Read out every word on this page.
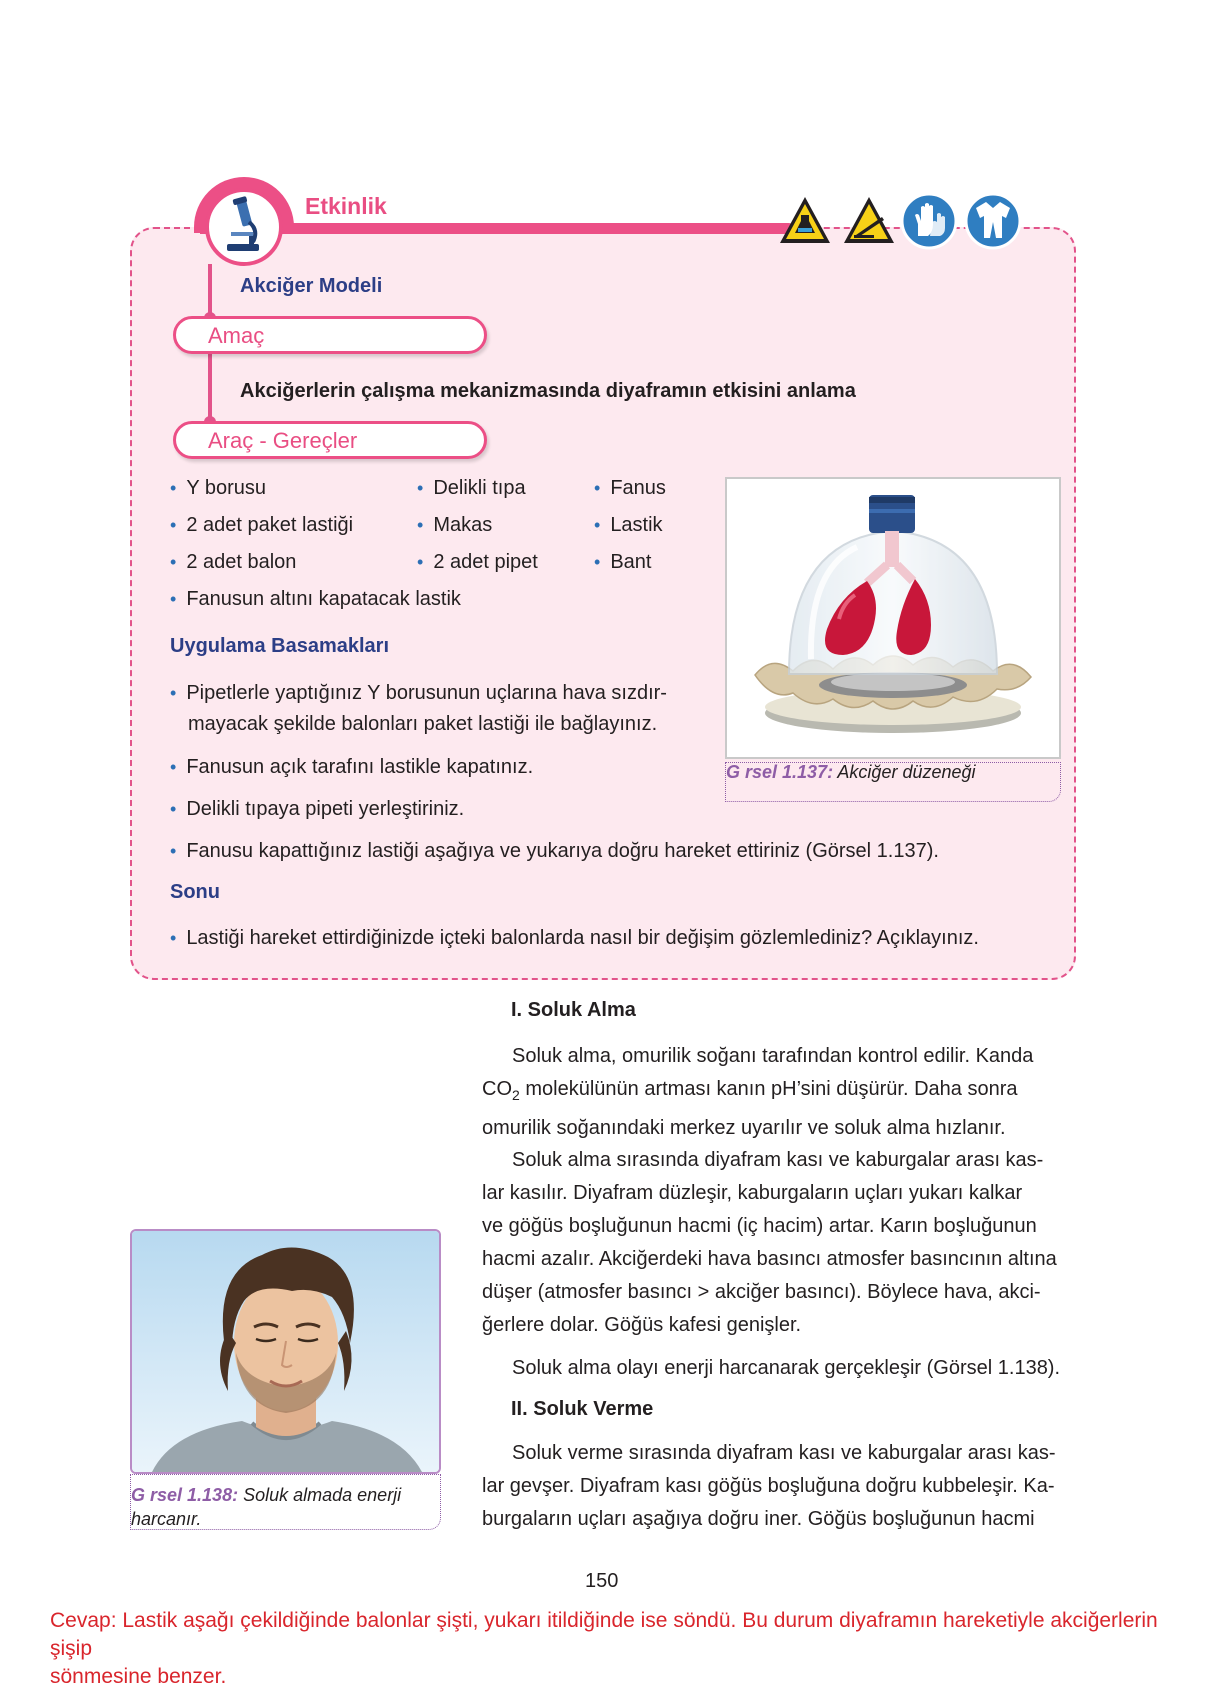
Etkinlik
Akciğer Modeli
Amaç
Akciğerlerin çalışma mekanizmasında diyaframın etkisini anlama
Araç - Gereçler
• Y borusu	• Delikli tıpa	• Fanus
• 2 adet paket lastiği	• Makas	• Lastik
• 2 adet balon	• 2 adet pipet	• Bant
• Fanusun altını kapatacak lastik
Uygulama Basamakları
• Pipetlerle yaptığınız Y borusunun uçlarına hava sızdır-
mayacak şekilde balonları paket lastiği ile bağlayınız.
• Fanusun açık tarafını lastikle kapatınız.
• Delikli tıpaya pipeti yerleştiriniz.
• Fanusu kapattığınız lastiği aşağıya ve yukarıya doğru hareket ettiriniz (Görsel 1.137).
Sonu
• Lastiği hareket ettirdiğinizde içteki balonlarda nasıl bir değişim gözlemlediniz? Açıklayınız.
G rsel 1.137: Akciğer düzeneği
I. Soluk Alma
Soluk alma, omurilik soğanı tarafından kontrol edilir. Kanda
$CO_2$ molekülünün artması kanın pH’sini düşürür. Daha sonra
omurilik soğanındaki merkez uyarılır ve soluk alma hızlanır.
Soluk alma sırasında diyafram kası ve kaburgalar arası kas-
lar kasılır. Diyafram düzleşir, kaburgaların uçları yukarı kalkar
ve göğüs boşluğunun hacmi (iç hacim) artar. Karın boşluğunun
hacmi azalır. Akciğerdeki hava basıncı atmosfer basıncının altına
düşer (atmosfer basıncı > akciğer basıncı). Böylece hava, akci-
ğerlere dolar. Göğüs kafesi genişler.
Soluk alma olayı enerji harcanarak gerçekleşir (Görsel 1.138).
II. Soluk Verme
Soluk verme sırasında diyafram kası ve kaburgalar arası kas-
lar gevşer. Diyafram kası göğüs boşluğuna doğru kubbeleşir. Ka-
burgaların uçları aşağıya doğru iner. Göğüs boşluğunun hacmi
G rsel 1.138: Soluk almada enerji
harcanır.
150
Cevap: Lastik aşağı çekildiğinde balonlar şişti, yukarı itildiğinde ise söndü. Bu durum diyaframın hareketiyle akciğerlerin şişip
sönmesine benzer.
